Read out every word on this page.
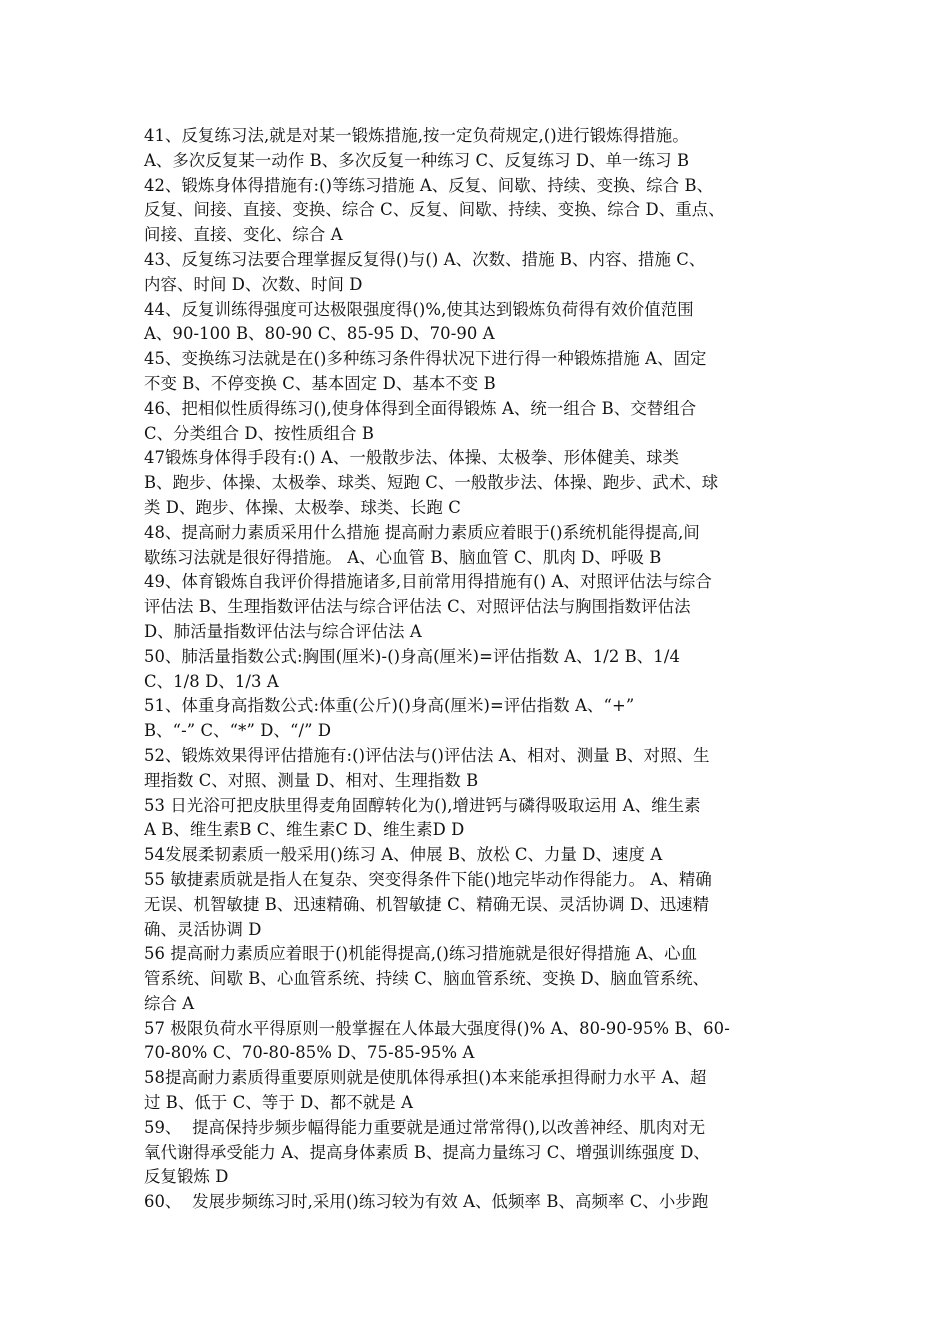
41、反复练习法,就是对某一锻炼措施,按一定负荷规定,()进行锻炼得措施。
A、多次反复某一动作 B、多次反复一种练习 C、反复练习 D、单一练习 B
42、锻炼身体得措施有:()等练习措施 A、反复、间歇、持续、变换、综合 B、
反复、间接、直接、变换、综合 C、反复、间歇、持续、变换、综合 D、重点、
间接、直接、变化、综合 A
43、反复练习法要合理掌握反复得()与() A、次数、措施 B、内容、措施 C、
内容、时间 D、次数、时间 D
44、反复训练得强度可达极限强度得()%,使其达到锻炼负荷得有效价值范围
A、90-100 B、80-90 C、85-95 D、70-90 A
45、变换练习法就是在()多种练习条件得状况下进行得一种锻炼措施 A、固定
不变 B、不停变换 C、基本固定 D、基本不变 B
46、把相似性质得练习(),使身体得到全面得锻炼 A、统一组合 B、交替组合
C、分类组合 D、按性质组合 B
47锻炼身体得手段有:() A、一般散步法、体操、太极拳、形体健美、球类
B、跑步、体操、太极拳、球类、短跑 C、一般散步法、体操、跑步、武术、球
类 D、跑步、体操、太极拳、球类、长跑 C
48、提高耐力素质采用什么措施 提高耐力素质应着眼于()系统机能得提高,间
歇练习法就是很好得措施。 A、心血管 B、脑血管 C、肌肉 D、呼吸 B
49、体育锻炼自我评价得措施诸多,目前常用得措施有() A、对照评估法与综合
评估法 B、生理指数评估法与综合评估法 C、对照评估法与胸围指数评估法
D、肺活量指数评估法与综合评估法 A
50、肺活量指数公式:胸围(厘米)-()身高(厘米)=评估指数 A、1/2 B、1/4
C、1/8 D、1/3 A
51、体重身高指数公式:体重(公斤)()身高(厘米)=评估指数 A、“+”
B、“-” C、“*” D、“/” D
52、锻炼效果得评估措施有:()评估法与()评估法 A、相对、测量 B、对照、生
理指数 C、对照、测量 D、相对、生理指数 B
53 日光浴可把皮肤里得麦角固醇转化为(),增进钙与磷得吸取运用 A、维生素
A B、维生素B C、维生素C D、维生素D D
54发展柔韧素质一般采用()练习 A、伸展 B、放松 C、力量 D、速度 A
55 敏捷素质就是指人在复杂、突变得条件下能()地完毕动作得能力。 A、精确
无误、机智敏捷 B、迅速精确、机智敏捷 C、精确无误、灵活协调 D、迅速精
确、灵活协调 D
56 提高耐力素质应着眼于()机能得提高,()练习措施就是很好得措施 A、心血
管系统、间歇 B、心血管系统、持续 C、脑血管系统、变换 D、脑血管系统、
综合 A
57 极限负荷水平得原则一般掌握在人体最大强度得()% A、80-90-95% B、60-
70-80% C、70-80-85% D、75-85-95% A
58提高耐力素质得重要原则就是使肌体得承担()本来能承担得耐力水平 A、超
过 B、低于 C、等于 D、都不就是 A
59、  提高保持步频步幅得能力重要就是通过常常得(),以改善神经、肌肉对无
氧代谢得承受能力 A、提高身体素质 B、提高力量练习 C、增强训练强度 D、
反复锻炼 D
60、  发展步频练习时,采用()练习较为有效 A、低频率 B、高频率 C、小步跑
